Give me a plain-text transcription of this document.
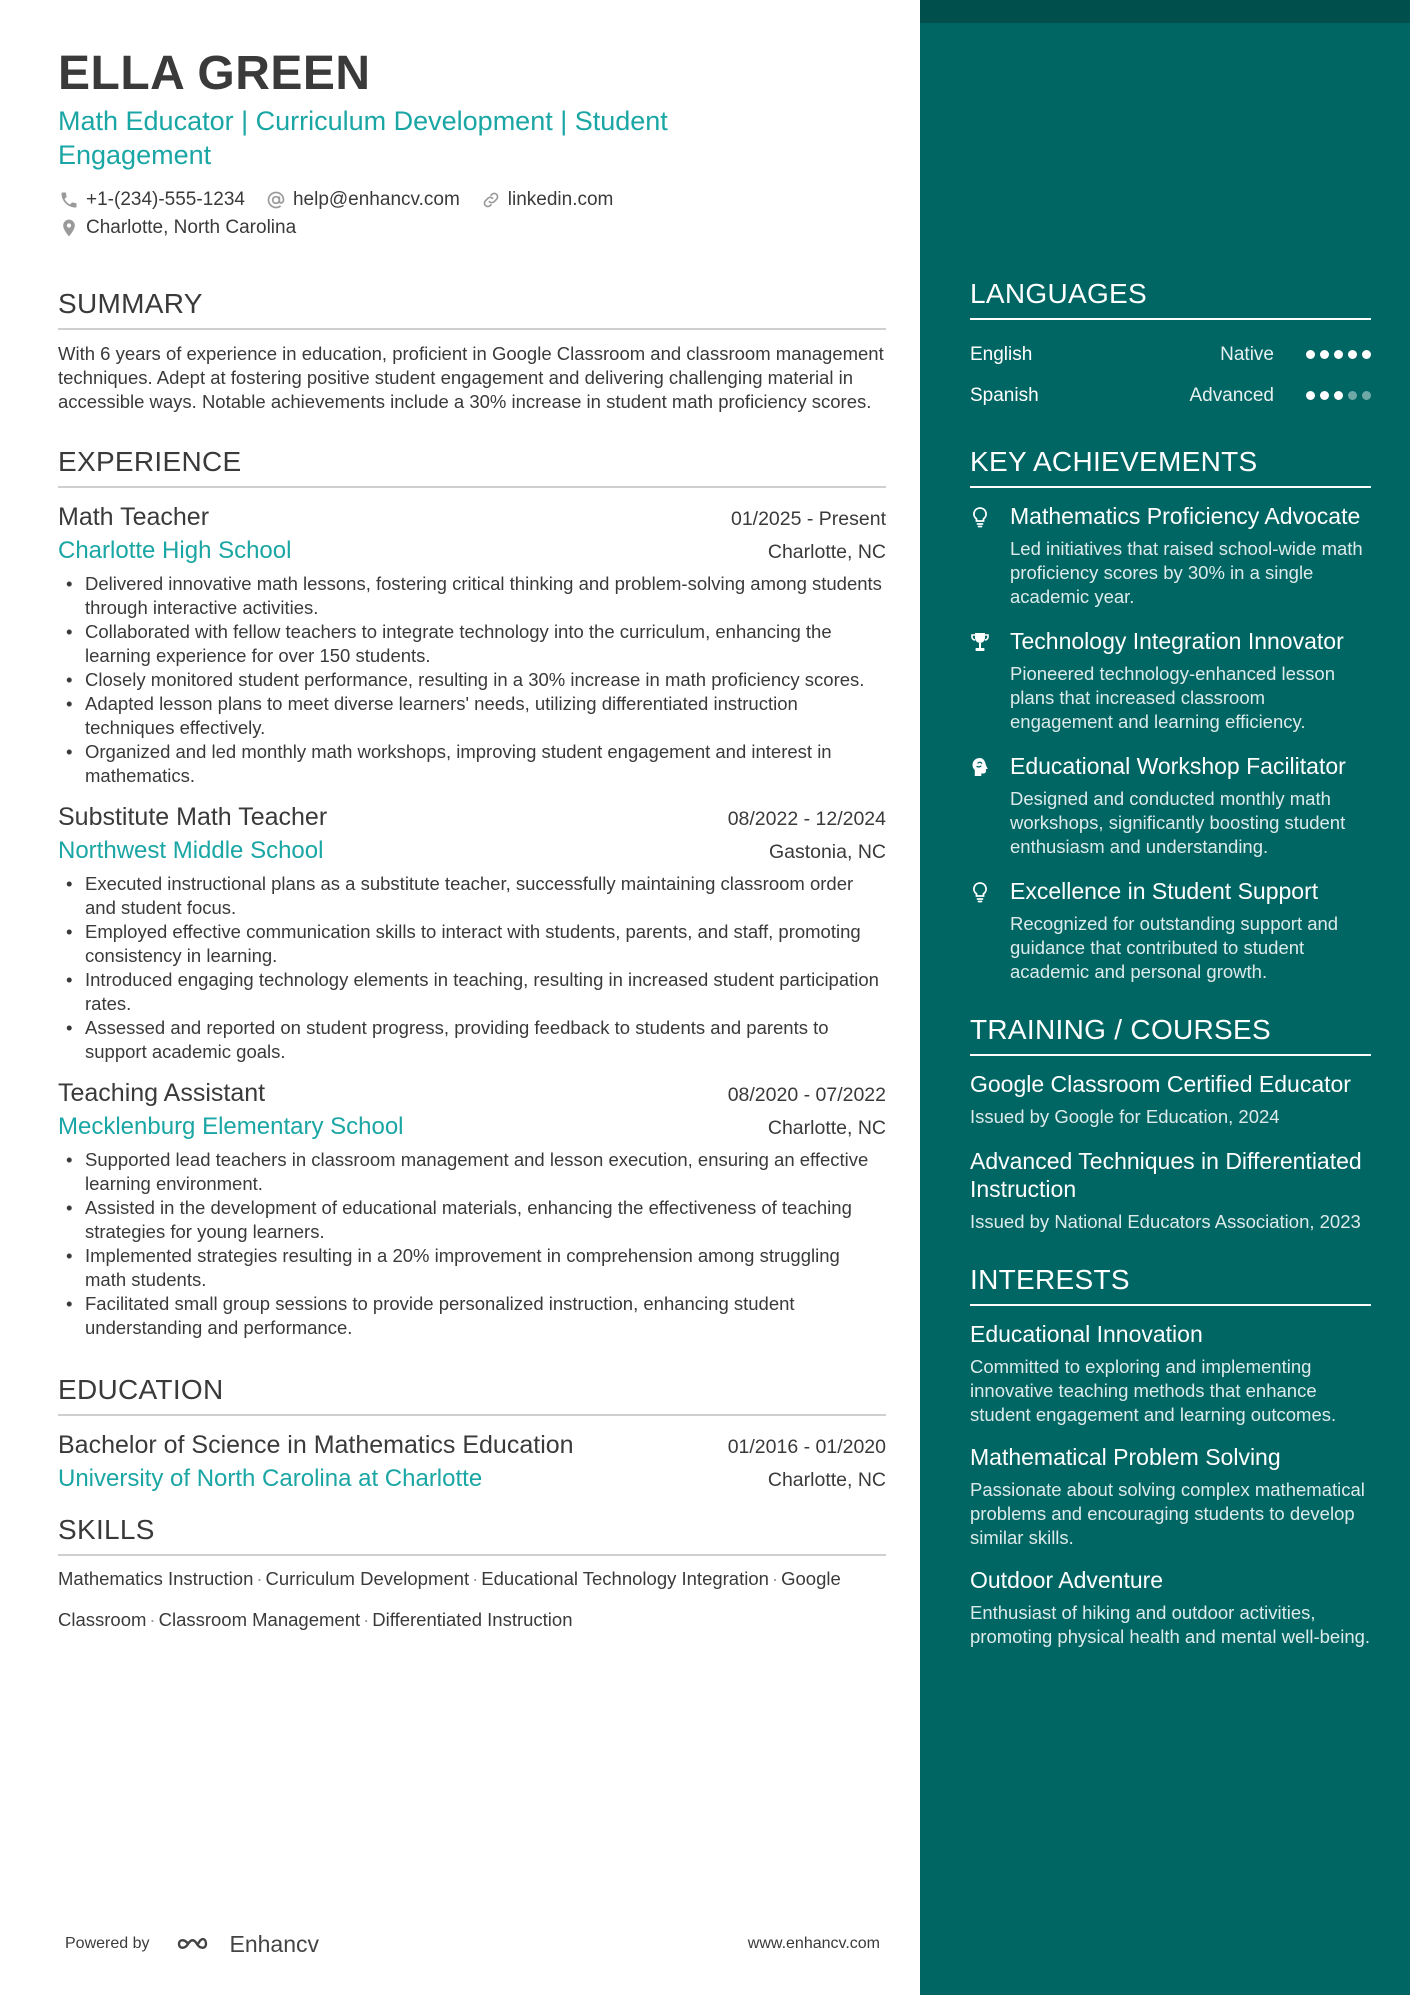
LANGUAGES
English	Native
Spanish	Advanced
KEY ACHIEVEMENTS
Mathematics Proficiency Advocate
Led initiatives that raised school-wide math proficiency scores by 30% in a single academic year.
Technology Integration Innovator
Pioneered technology-enhanced lesson plans that increased classroom engagement and learning efficiency.
Educational Workshop Facilitator
Designed and conducted monthly math workshops, significantly boosting student enthusiasm and understanding.
Excellence in Student Support
Recognized for outstanding support and guidance that contributed to student academic and personal growth.
TRAINING / COURSES
Google Classroom Certified Educator
Issued by Google for Education, 2024
Advanced Techniques in Differentiated Instruction
Issued by National Educators Association, 2023
INTERESTS
Educational Innovation
Committed to exploring and implementing innovative teaching methods that enhance student engagement and learning outcomes.
Mathematical Problem Solving
Passionate about solving complex mathematical problems and encouraging students to develop similar skills.
Outdoor Adventure
Enthusiast of hiking and outdoor activities, promoting physical health and mental well-being.
ELLA GREEN
Math Educator | Curriculum Development | Student Engagement
+1-(234)-555-1234	help@enhancv.com	linkedin.com
Charlotte, North Carolina
SUMMARY

With 6 years of experience in education, proficient in Google Classroom and classroom management techniques. Adept at fostering positive student engagement and delivering challenging material in accessible ways. Notable achievements include a 30% increase in student math proficiency scores.

EXPERIENCE
Math Teacher	01/2025 - Present
Charlotte High School	Charlotte, NC
• Delivered innovative math lessons, fostering critical thinking and problem-solving among students through interactive activities.
• Collaborated with fellow teachers to integrate technology into the curriculum, enhancing the learning experience for over 150 students.
• Closely monitored student performance, resulting in a 30% increase in math proficiency scores.
• Adapted lesson plans to meet diverse learners' needs, utilizing differentiated instruction techniques effectively.
• Organized and led monthly math workshops, improving student engagement and interest in mathematics.
Substitute Math Teacher	08/2022 - 12/2024
Northwest Middle School	Gastonia, NC
• Executed instructional plans as a substitute teacher, successfully maintaining classroom order and student focus.
• Employed effective communication skills to interact with students, parents, and staff, promoting consistency in learning.
• Introduced engaging technology elements in teaching, resulting in increased student participation rates.
• Assessed and reported on student progress, providing feedback to students and parents to support academic goals.
Teaching Assistant	08/2020 - 07/2022
Mecklenburg Elementary School	Charlotte, NC
• Supported lead teachers in classroom management and lesson execution, ensuring an effective learning environment.
• Assisted in the development of educational materials, enhancing the effectiveness of teaching strategies for young learners.
• Implemented strategies resulting in a 20% improvement in comprehension among struggling math students.
• Facilitated small group sessions to provide personalized instruction, enhancing student understanding and performance.
EDUCATION
Bachelor of Science in Mathematics Education	01/2016 - 01/2020
University of North Carolina at Charlotte	Charlotte, NC
SKILLS
Mathematics Instruction · Curriculum Development · Educational Technology Integration · Google Classroom · Classroom Management · Differentiated Instruction
Powered by	Enhancv	www.enhancv.com
